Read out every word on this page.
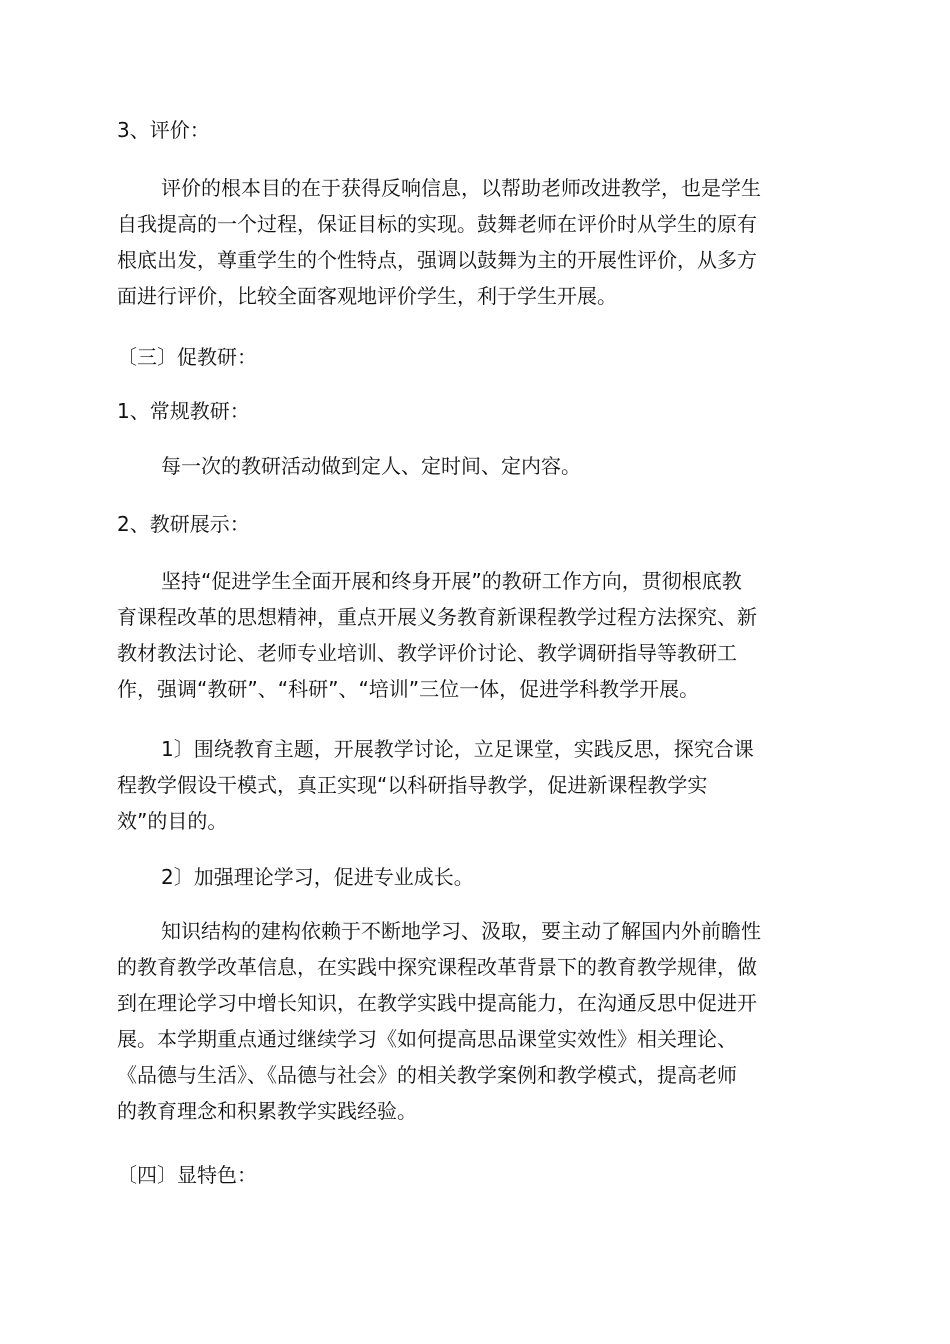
3、评价：
评价的根本目的在于获得反响信息，以帮助老师改进教学，也是学生
自我提高的一个过程，保证目标的实现。鼓舞老师在评价时从学生的原有
根底出发，尊重学生的个性特点，强调以鼓舞为主的开展性评价，从多方
面进行评价，比较全面客观地评价学生，利于学生开展。
〔三〕促教研：
1、常规教研：
每一次的教研活动做到定人、定时间、定内容。
2、教研展示：
坚持“促进学生全面开展和终身开展”的教研工作方向，贯彻根底教
育课程改革的思想精神，重点开展义务教育新课程教学过程方法探究、新
教材教法讨论、老师专业培训、教学评价讨论、教学调研指导等教研工
作，强调“教研”、“科研”、“培训”三位一体，促进学科教学开展。
1〕围绕教育主题，开展教学讨论，立足课堂，实践反思，探究合课
程教学假设干模式，真正实现“以科研指导教学，促进新课程教学实
效”的目的。
2〕加强理论学习，促进专业成长。
知识结构的建构依赖于不断地学习、汲取，要主动了解国内外前瞻性
的教育教学改革信息，在实践中探究课程改革背景下的教育教学规律，做
到在理论学习中增长知识，在教学实践中提高能力，在沟通反思中促进开
展。本学期重点通过继续学习《如何提高思品课堂实效性》相关理论、
《品德与生活》、《品德与社会》的相关教学案例和教学模式，提高老师
的教育理念和积累教学实践经验。
〔四〕显特色：
